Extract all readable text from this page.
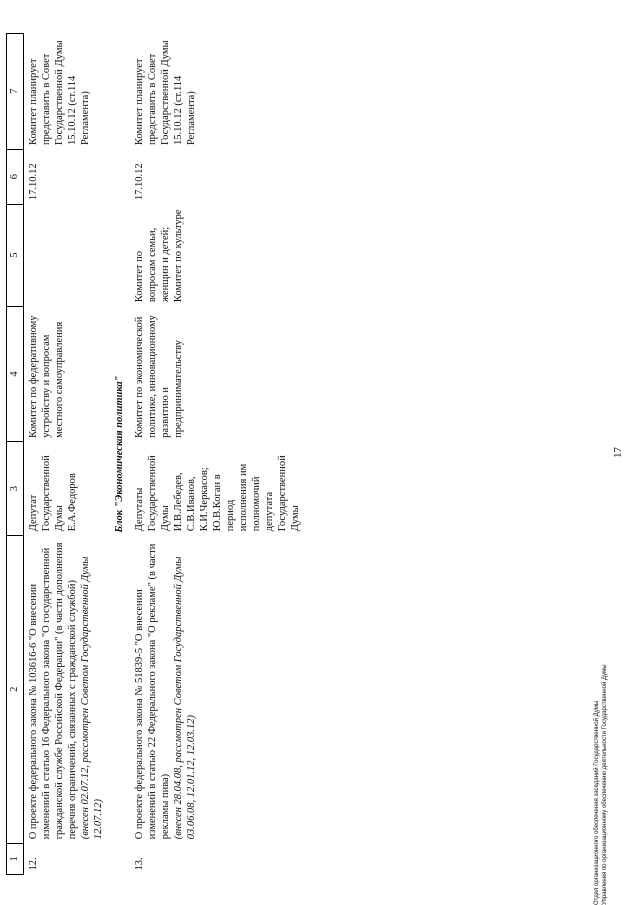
17
1	2	3	4	5	6	7
12.	О проекте федерального закона № 103616-6 "О внесении изменений в статью 16 Федерального закона "О государственной гражданской службе Российской Федерации" (в части дополнения перечня ограничений, связанных с гражданской службой) (внесен 02.07.12, рассмотрен Советом Государственной Думы 12.07.12)	Депутат Государственной Думы Е.А.Федоров	Комитет по федеративному устройству и вопросам местного самоуправления		17.10.12	Комитет планирует представить в Совет Государственной Думы 15.10.12 (ст.114 Регламента)
Блок "Экономическая политика"						
13.	О проекте федерального закона № 51839-5 "О внесении изменений в статью 22 Федерального закона "О рекламе" (в части рекламы пива) (внесен 28.04.08, рассмотрен Советом Государственной Думы 03.06.08, 12.01.12, 12.03.12)	Депутаты Государственной Думы И.В.Лебедев, С.В.Иванов, К.И.Черкасов; Ю.В.Коган в период исполнения им полномочий депутата Государственной Думы	Комитет по экономической политике, инновационному развитию и предпринимательству	Комитет по вопросам семьи, женщин и детей; Комитет по культуре	17.10.12	Комитет планирует представить в Совет Государственной Думы 15.10.12 (ст.114 Регламента)
Отдел организационного обеспечения заседаний Государственной Думы Управления по организационному обеспечению деятельности Государственной Думы
